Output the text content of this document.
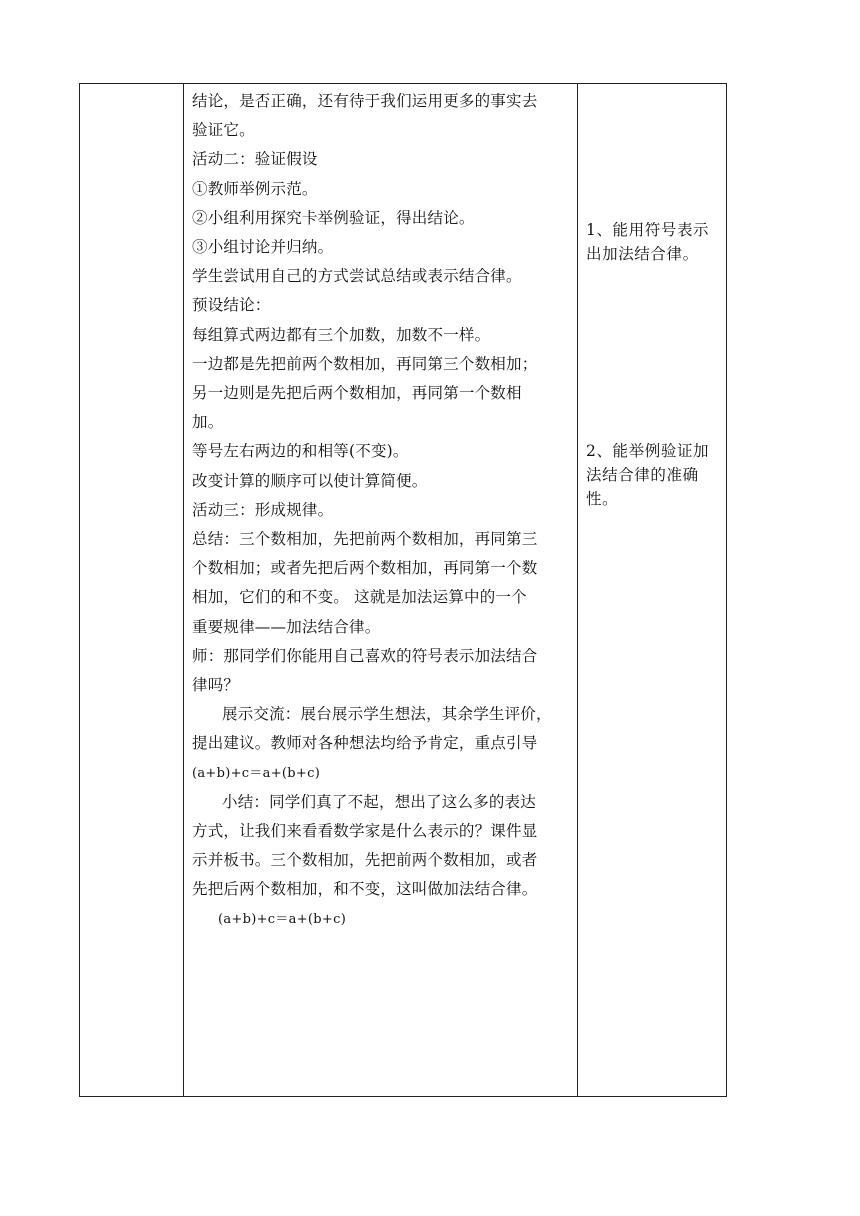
结论，是否正确，还有待于我们运用更多的事实去
验证它。
活动二：验证假设
①教师举例示范。
②小组利用探究卡举例验证，得出结论。
③小组讨论并归纳。
学生尝试用自己的方式尝试总结或表示结合律。
预设结论：
每组算式两边都有三个加数，加数不一样。
一边都是先把前两个数相加，再同第三个数相加；
另一边则是先把后两个数相加，再同第一个数相
加。
等号左右两边的和相等(不变)。
改变计算的顺序可以使计算简便。
活动三：形成规律。
总结：三个数相加，先把前两个数相加，再同第三
个数相加；或者先把后两个数相加，再同第一个数
相加，它们的和不变。 这就是加法运算中的一个
重要规律——加法结合律。
师：那同学们你能用自己喜欢的符号表示加法结合
律吗？
展示交流：展台展示学生想法，其余学生评价，
提出建议。教师对各种想法均给予肯定，重点引导
(a+b)+c＝a+(b+c)
小结：同学们真了不起，想出了这么多的表达
方式，让我们来看看数学家是什么表示的？课件显
示并板书。三个数相加，先把前两个数相加，或者
先把后两个数相加，和不变，这叫做加法结合律。
(a+b)+c＝a+(b+c)

1、能用符号表示出加法结合律。
2、能举例验证加法结合律的准确性。
